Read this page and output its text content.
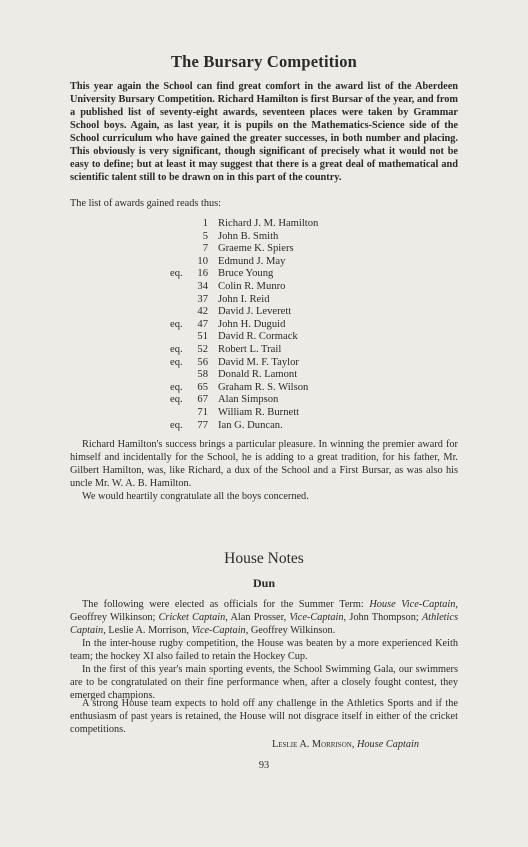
The Bursary Competition

This year again the School can find great comfort in the award list of the Aberdeen University Bursary Competition. Richard Hamilton is first Bursar of the year, and from a published list of seventy-eight awards, seventeen places were taken by Grammar School boys. Again, as last year, it is pupils on the Mathematics-Science side of the School curriculum who have gained the greater successes, in both number and placing. This obviously is very significant, though significant of precisely what it would not be easy to define; but at least it may suggest that there is a great deal of mathematical and scientific talent still to be drawn on in this part of the country.

The list of awards gained reads thus:

1 Richard J. M. Hamilton
5 John B. Smith
7 Graeme K. Spiers
10 Edmund J. May
eq.	16 Bruce Young
34 Colin R. Munro
37 John I. Reid
42 David J. Leverett
eq.	47 John H. Duguid
51 David R. Cormack
eq.	52 Robert L. Trail
eq.	56 David M. F. Taylor
58 Donald R. Lamont
eq.	65 Graham R. S. Wilson
eq.	67 Alan Simpson
71 William R. Burnett
eq.	77 Ian G. Duncan.

Richard Hamilton's success brings a particular pleasure. In winning the premier award for himself and incidentally for the School, he is adding to a great tradition, for his father, Mr. Gilbert Hamilton, was, like Richard, a dux of the School and a First Bursar, as was also his uncle Mr. W. A. B. Hamilton.

We would heartily congratulate all the boys concerned.

House Notes
Dun

The following were elected as officials for the Summer Term: House Vice-Captain, Geoffrey Wilkinson; Cricket Captain, Alan Prosser, Vice-Captain, John Thompson; Athletics Captain, Leslie A. Morrison, Vice-Captain, Geoffrey Wilkinson.

In the inter-house rugby competition, the House was beaten by a more experienced Keith team; the hockey XI also failed to retain the Hockey Cup.

In the first of this year's main sporting events, the School Swimming Gala, our swimmers are to be congratulated on their fine performance when, after a closely fought contest, they emerged champions.

A strong House team expects to hold off any challenge in the Athletics Sports and if the enthusiasm of past years is retained, the House will not disgrace itself in either of the cricket competitions.

Leslie A. Morrison, House Captain

93
